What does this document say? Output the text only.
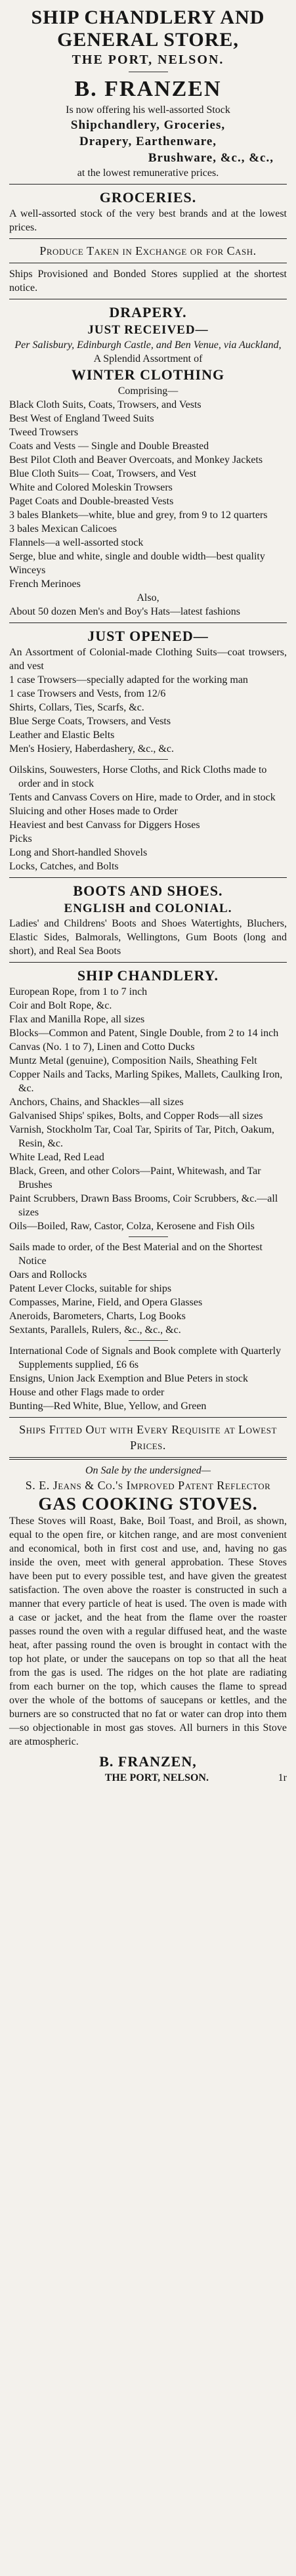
SHIP CHANDLERY AND
GENERAL STORE,
THE PORT, NELSON.
B. FRANZEN
Is now offering his well-assorted Stock
Shipchandlery, Groceries,
Drapery, Earthenware,
Brushware, &c., &c.,
at the lowest remunerative prices.
GROCERIES.
A well-assorted stock of the very best brands and at the lowest prices.
Produce Taken in Exchange or for Cash.
Ships Provisioned and Bonded Stores supplied at the shortest notice.
DRAPERY.
JUST RECEIVED—
Per Salisbury, Edinburgh Castle, and Ben Venue, via Auckland,
A Splendid Assortment of
WINTER CLOTHING
Comprising—
Black Cloth Suits, Coats, Trowsers, and Vests
Best West of England Tweed Suits
Tweed Trowsers
Coats and Vests — Single and Double Breasted
Best Pilot Cloth and Beaver Overcoats, and Monkey Jackets
Blue Cloth Suits— Coat, Trowsers, and Vest
White and Colored Moleskin Trowsers
Paget Coats and Double-breasted Vests
3 bales Blankets—white, blue and grey, from 9 to 12 quarters
3 bales Mexican Calicoes
Flannels—a well-assorted stock
Serge, blue and white, single and double width—best quality
Winceys
French Merinoes
Also,
About 50 dozen Men's and Boy's Hats—latest fashions
JUST OPENED—
An Assortment of Colonial-made Clothing Suits—coat trowsers, and vest
1 case Trowsers—specially adapted for the working man
1 case Trowsers and Vests, from 12/6
Shirts, Collars, Ties, Scarfs, &c.
Blue Serge Coats, Trowsers, and Vests
Leather and Elastic Belts
Men's Hosiery, Haberdashery, &c., &c.
Oilskins, Souwesters, Horse Cloths, and Rick Cloths made to order and in stock
Tents and Canvass Covers on Hire, made to Order, and in stock
Sluicing and other Hoses made to Order
Heaviest and best Canvass for Diggers Hoses
Picks
Long and Short-handled Shovels
Locks, Catches, and Bolts
BOOTS AND SHOES.
ENGLISH and COLONIAL.
Ladies' and Childrens' Boots and Shoes Watertights, Bluchers, Elastic Sides, Balmorals, Wellingtons, Gum Boots (long and short), and Real Sea Boots
SHIP CHANDLERY.
European Rope, from 1 to 7 inch
Coir and Bolt Rope, &c.
Flax and Manilla Rope, all sizes
Blocks—Common and Patent, Single Double, from 2 to 14 inch
Canvas (No. 1 to 7), Linen and Cotto Ducks
Muntz Metal (genuine), Composition Nails, Sheathing Felt
Copper Nails and Tacks, Marling Spikes, Mallets, Caulking Iron, &c.
Anchors, Chains, and Shackles—all sizes
Galvanised Ships' spikes, Bolts, and Copper Rods—all sizes
Varnish, Stockholm Tar, Coal Tar, Spirits of Tar, Pitch, Oakum, Resin, &c.
White Lead, Red Lead
Black, Green, and other Colors—Paint, Whitewash, and Tar Brushes
Paint Scrubbers, Drawn Bass Brooms, Coir Scrubbers, &c.—all sizes
Oils—Boiled, Raw, Castor, Colza, Kerosene and Fish Oils
Sails made to order, of the Best Material and on the Shortest Notice
Oars and Rollocks
Patent Lever Clocks, suitable for ships
Compasses, Marine, Field, and Opera Glasses
Aneroids, Barometers, Charts, Log Books
Sextants, Parallels, Rulers, &c., &c., &c.
International Code of Signals and Book complete with Quarterly Supplements supplied, £6 6s
Ensigns, Union Jack Exemption and Blue Peters in stock
House and other Flags made to order
Bunting—Red White, Blue, Yellow, and Green
Ships Fitted Out with Every Requisite at Lowest Prices.
On Sale by the undersigned—
S. E. Jeans & Co.'s Improved Patent Reflector
GAS COOKING STOVES.
These Stoves will Roast, Bake, Boil Toast, and Broil, as shown, equal to the open fire, or kitchen range, and are most convenient and economical, both in first cost and use, and, having no gas inside the oven, meet with general approbation. These Stoves have been put to every possible test, and have given the greatest satisfaction. The oven above the roaster is constructed in such a manner that every particle of heat is used. The oven is made with a case or jacket, and the heat from the flame over the roaster passes round the oven with a regular diffused heat, and the waste heat, after passing round the oven is brought in contact with the top hot plate, or under the saucepans on top so that all the heat from the gas is used. The ridges on the hot plate are radiating from each burner on the top, which causes the flame to spread over the whole of the bottoms of saucepans or kettles, and the burners are so constructed that no fat or water can drop into them—so objectionable in most gas stoves. All burners in this Stove are atmospheric.
B. FRANZEN,
THE PORT, NELSON.	1r
